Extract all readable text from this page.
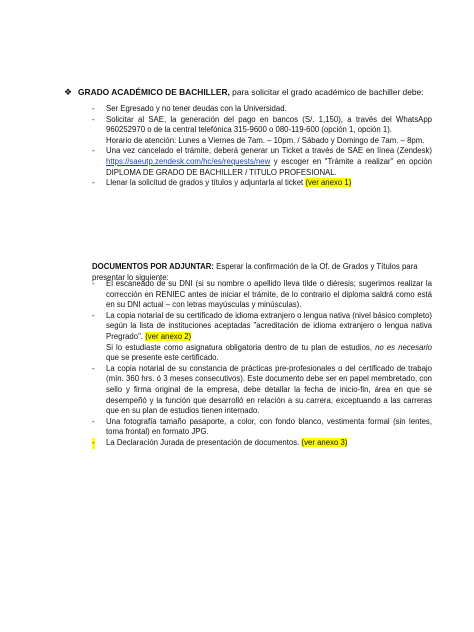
❖ GRADO ACADÉMICO DE BACHILLER, para solicitar el grado académico de bachiller debe:
- Ser Egresado y no tener deudas con la Universidad.
- Solicitar al SAE, la generación del pago en bancos (S/. 1,150), a través del WhatsApp 960252970 o de la central telefónica 315-9600 o 080-119-600 (opción 1, opción 1).
Horario de atención: Lunes a Viernes de 7am. – 10pm. / Sábado y Domingo de 7am. – 8pm.
- Una vez cancelado el trámite, deberá generar un Ticket a través de SAE en línea (Zendesk) https://saeutp.zendesk.com/hc/es/requests/new y escoger en "Trámite a realizar" en opción DIPLOMA DE GRADO DE BACHILLER / TITULO PROFESIONAL.
- Llenar la solicitud de grados y títulos y adjuntarla al ticket (ver anexo 1)
DOCUMENTOS POR ADJUNTAR: Esperar la confirmación de la Of. de Grados y Títulos para presentar lo siguiente:
- El escaneado de su DNI (si su nombre o apellido lleva tilde o diéresis; sugerimos realizar la corrección en RENIEC antes de iniciar el trámite, de lo contrario el diploma saldrá como está en su DNI actual – con letras mayúsculas y minúsculas).
- La copia notarial de su certificado de idioma extranjero o lengua nativa (nivel básico completo) según la lista de instituciones aceptadas "acreditación de idioma extranjero o lengua nativa Pregrado". (ver anexo 2)
Si lo estudiaste como asignatura obligatoria dentro de tu plan de estudios, no es necesario que se presente este certificado.
- La copia notarial de su constancia de prácticas pre-profesionales o del certificado de trabajo (mín. 360 hrs. ó 3 meses consecutivos). Este documento debe ser en papel membretado, con sello y firma original de la empresa, debe detallar la fecha de inicio-fin, área en que se desempeñó y la función que desarrolló en relación a su carrera, exceptuando a las carreras que en su plan de estudios tienen internado.
- Una fotografía tamaño pasaporte, a color, con fondo blanco, vestimenta formal (sin lentes, toma frontal) en formato JPG.
- La Declaración Jurada de presentación de documentos. (ver anexo 3)
